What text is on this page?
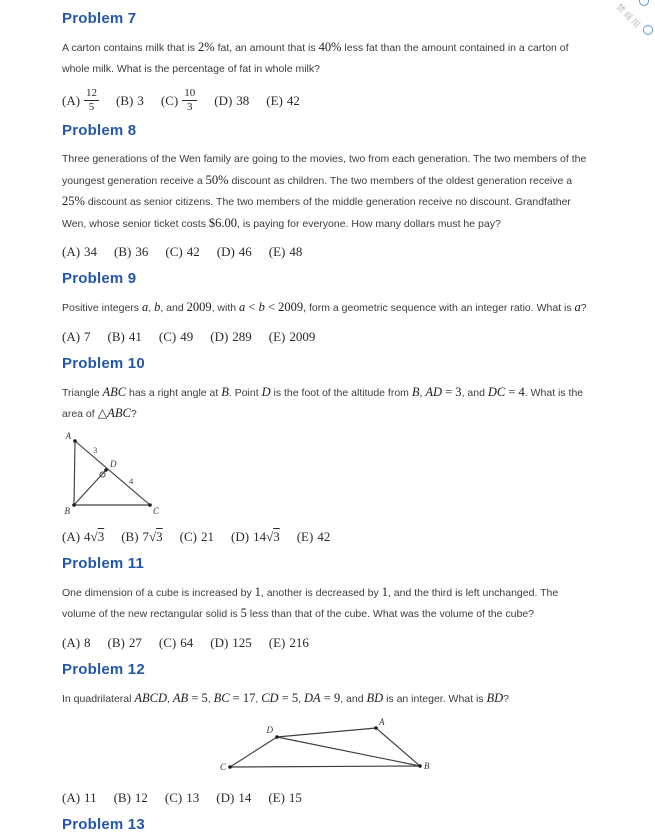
Problem 7

A carton contains milk that is 2% fat, an amount that is 40% less fat than the amount contained in a carton of whole milk. What is the percentage of fat in whole milk?

$(A) \frac{12}{5} (B)$ 3 $(C) \frac{10}{3} (D)$ 38 (E) 42
Problem 8

Three generations of the Wen family are going to the movies, two from each generation. The two members of the youngest generation receive a 50% discount as children. The two members of the oldest generation receive a 25% discount as senior citizens. The two members of the middle generation receive no discount. Grandfather Wen, whose senior ticket costs $6.00, is paying for everyone. How many dollars must he pay?

(A) 34 (B) 36 (C) 42 (D) 46 (E) 48
Problem 9

Positive integers a, b, and 2009, with a < b < 2009, form a geometric sequence with an integer ratio. What is a?

(A) 7 (B) 41 (C) 49 (D) 289 (E) 2009
Problem 10

Triangle ABC has a right angle at B. Point D is the foot of the altitude from B, AD = 3, and DC = 4. What is the area of △ABC?

A
B	C
D
3
4
(A) 4√3 (B) 7√3 (C) 21 (D) 14√3 (E) 42
Problem 11

One dimension of a cube is increased by 1, another is decreased by 1, and the third is left unchanged. The volume of the new rectangular solid is 5 less than that of the cube. What was the volume of the cube?

(A) 8 (B) 27 (C) 64 (D) 125 (E) 216
Problem 12

In quadrilateral ABCD, AB = 5, BC = 17, CD = 5, DA = 9, and BD is an integer. What is BD?

A
B
C
D
(A) 11 (B) 12 (C) 13 (D) 14 (E) 15
Problem 13
禁商用
